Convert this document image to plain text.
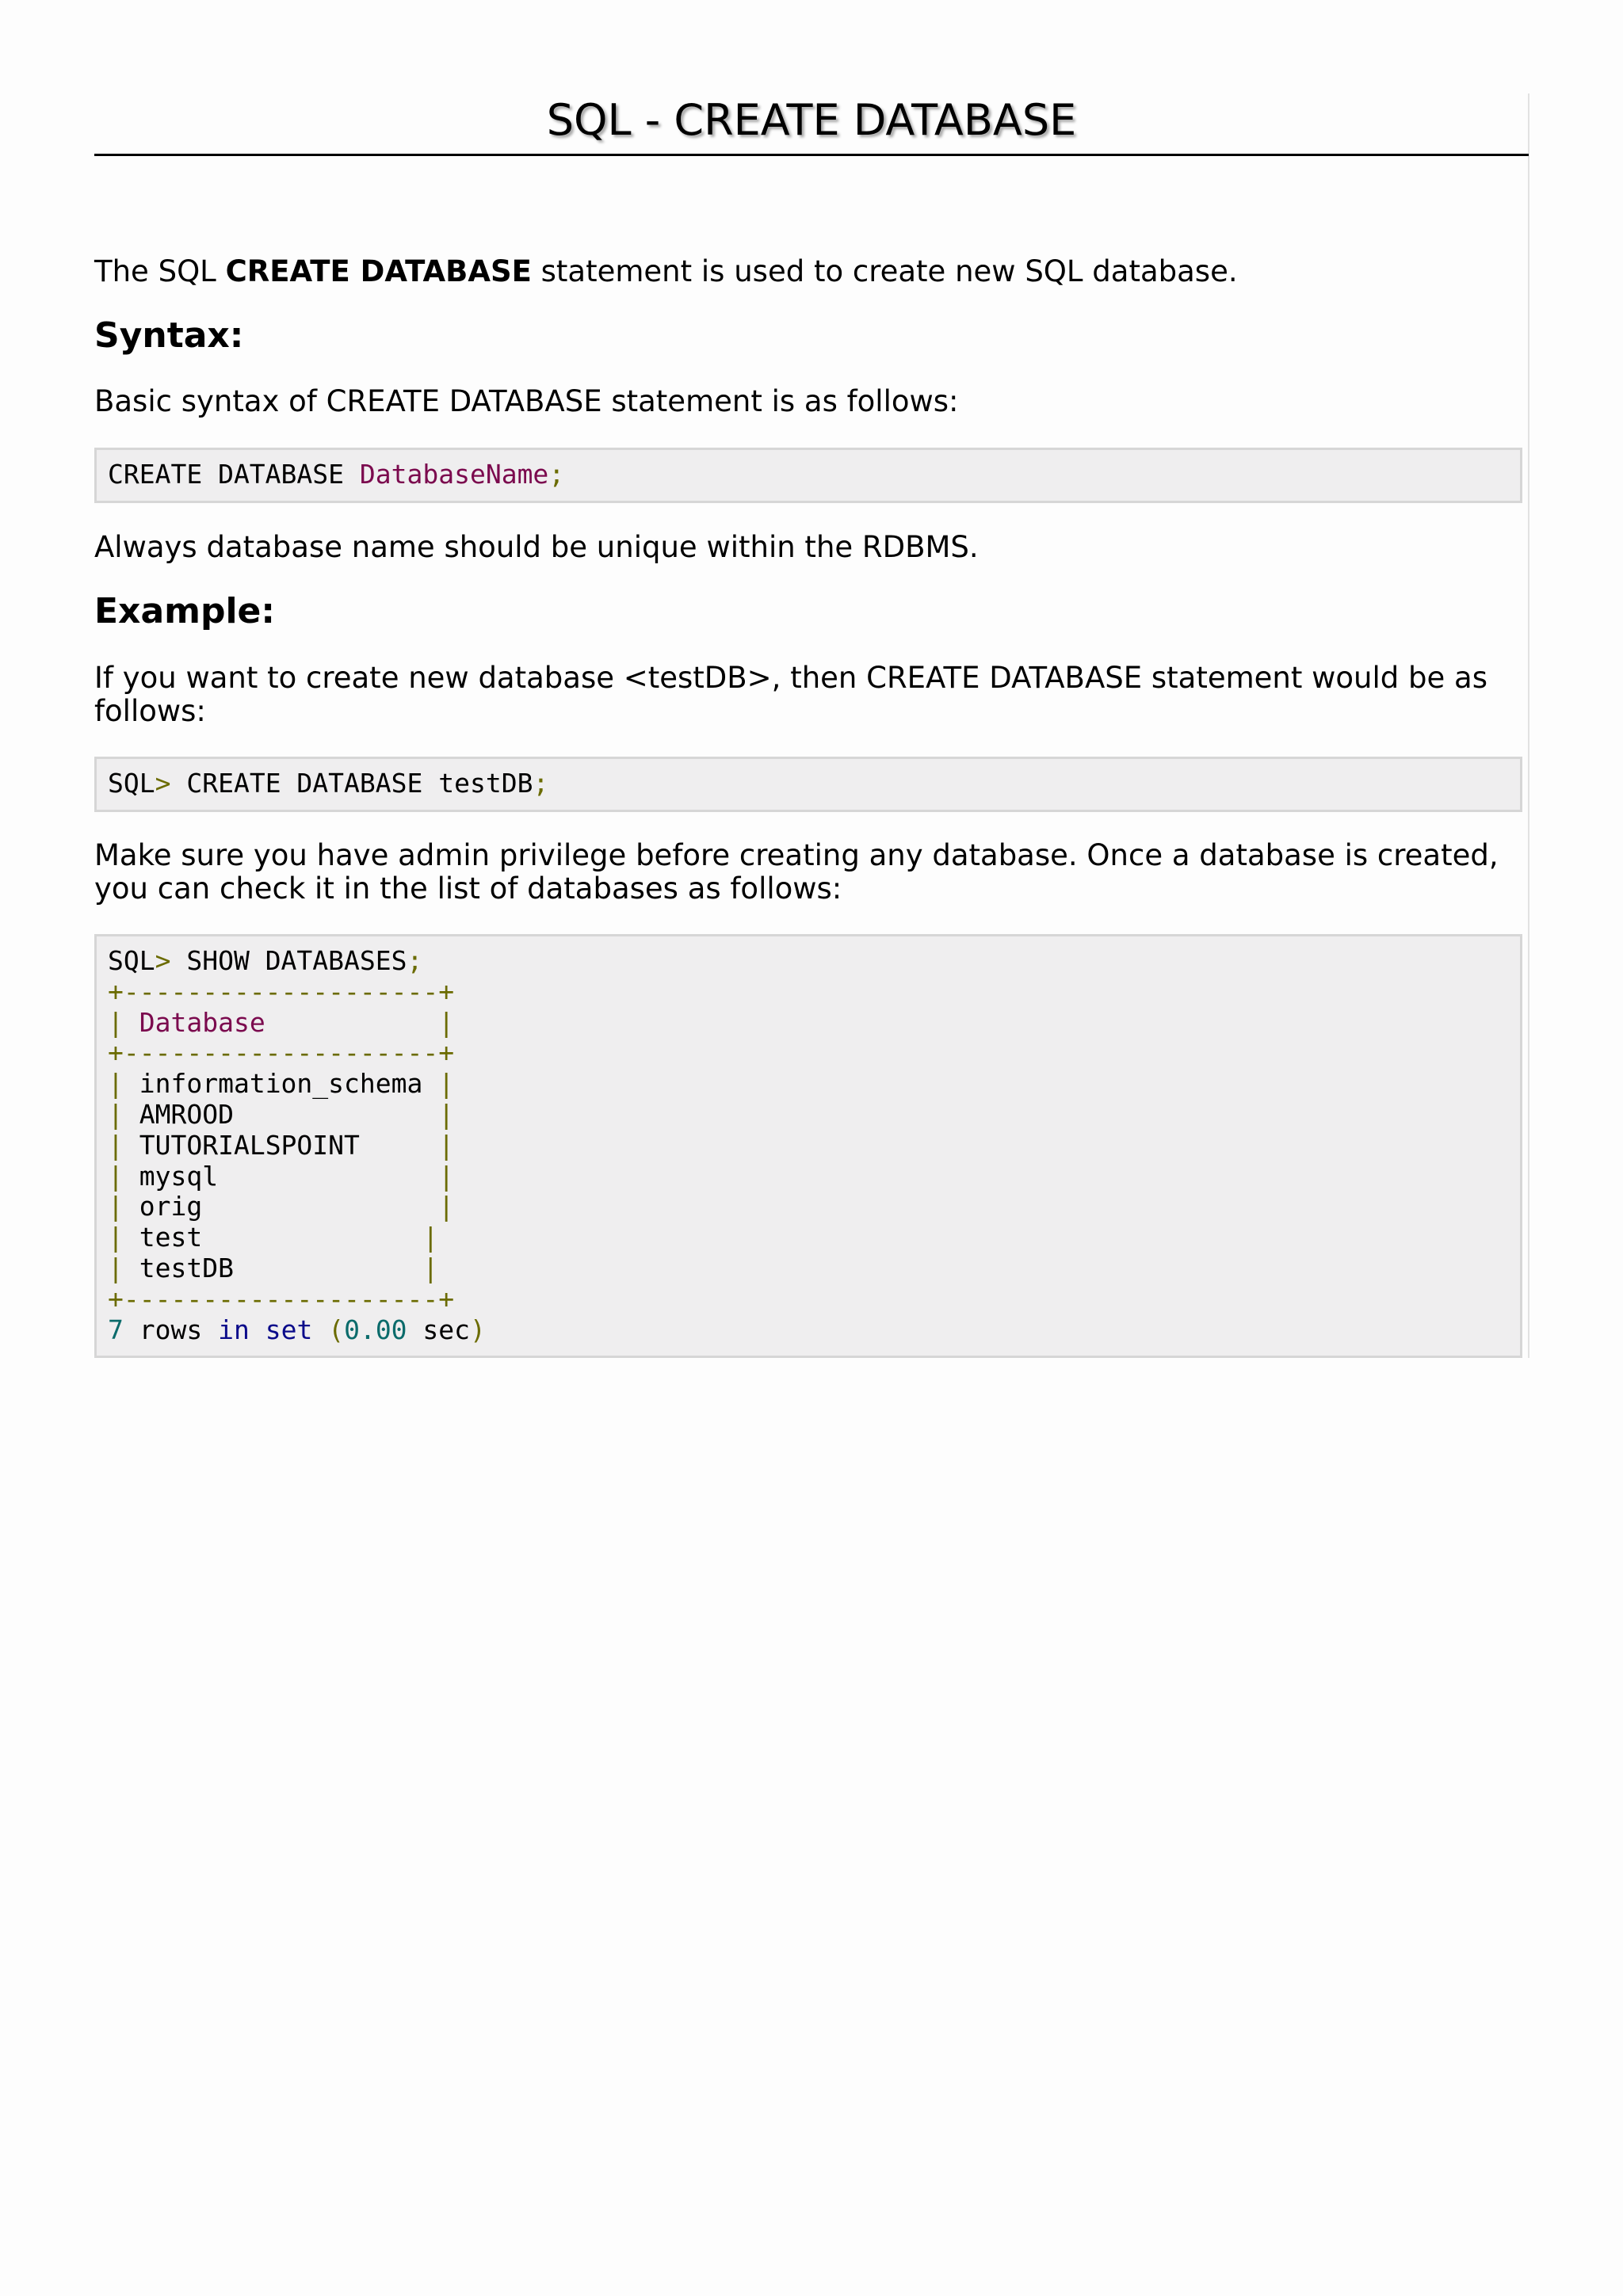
SQL - CREATE DATABASE

The SQL CREATE DATABASE statement is used to create new SQL database.

Syntax:

Basic syntax of CREATE DATABASE statement is as follows:

CREATE DATABASE DatabaseName;

Always database name should be unique within the RDBMS.

Example:

If you want to create new database <testDB>, then CREATE DATABASE statement would be as follows:

SQL> CREATE DATABASE testDB;

Make sure you have admin privilege before creating any database. Once a database is created, you can check it in the list of databases as follows:

SQL> SHOW DATABASES;
+--------------------+
| Database	|
+--------------------+
| information_schema |
| AMROOD	|
| TUTORIALSPOINT	|
| mysql	|
| orig	|
| test	|
| testDB	|
+--------------------+
7 rows in set (0.00 sec)
